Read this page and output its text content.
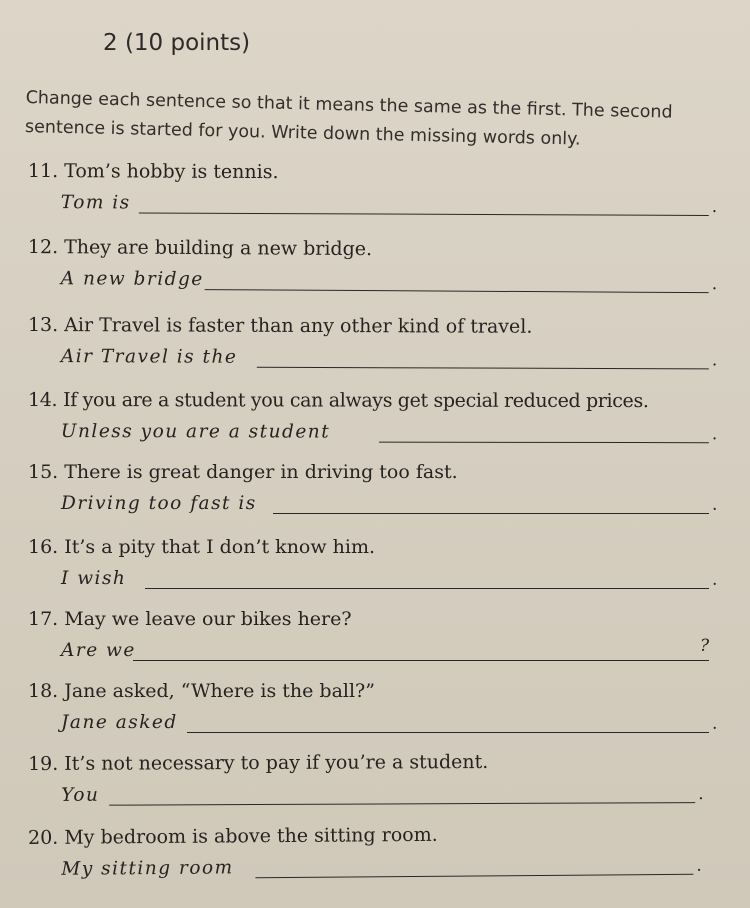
2 (10 points)
Change each sentence so that it means the same as the first. The second sentence is started for you. Write down the missing words only.
11. Tom’s hobby is tennis.
Tom is	.
12. They are building a new bridge.
A new bridge	.
13. Air Travel is faster than any other kind of travel.
Air Travel is the	.
14. If you are a student you can always get special reduced prices.
Unless you are a student	.
15. There is great danger in driving too fast.
Driving too fast is	.
16. It’s a pity that I don’t know him.
I wish	.
17. May we leave our bikes here?
Are we	?
18. Jane asked, “Where is the ball?”
Jane asked	.
19. It’s not necessary to pay if you’re a student.
You	.
20. My bedroom is above the sitting room.
My sitting room	.
